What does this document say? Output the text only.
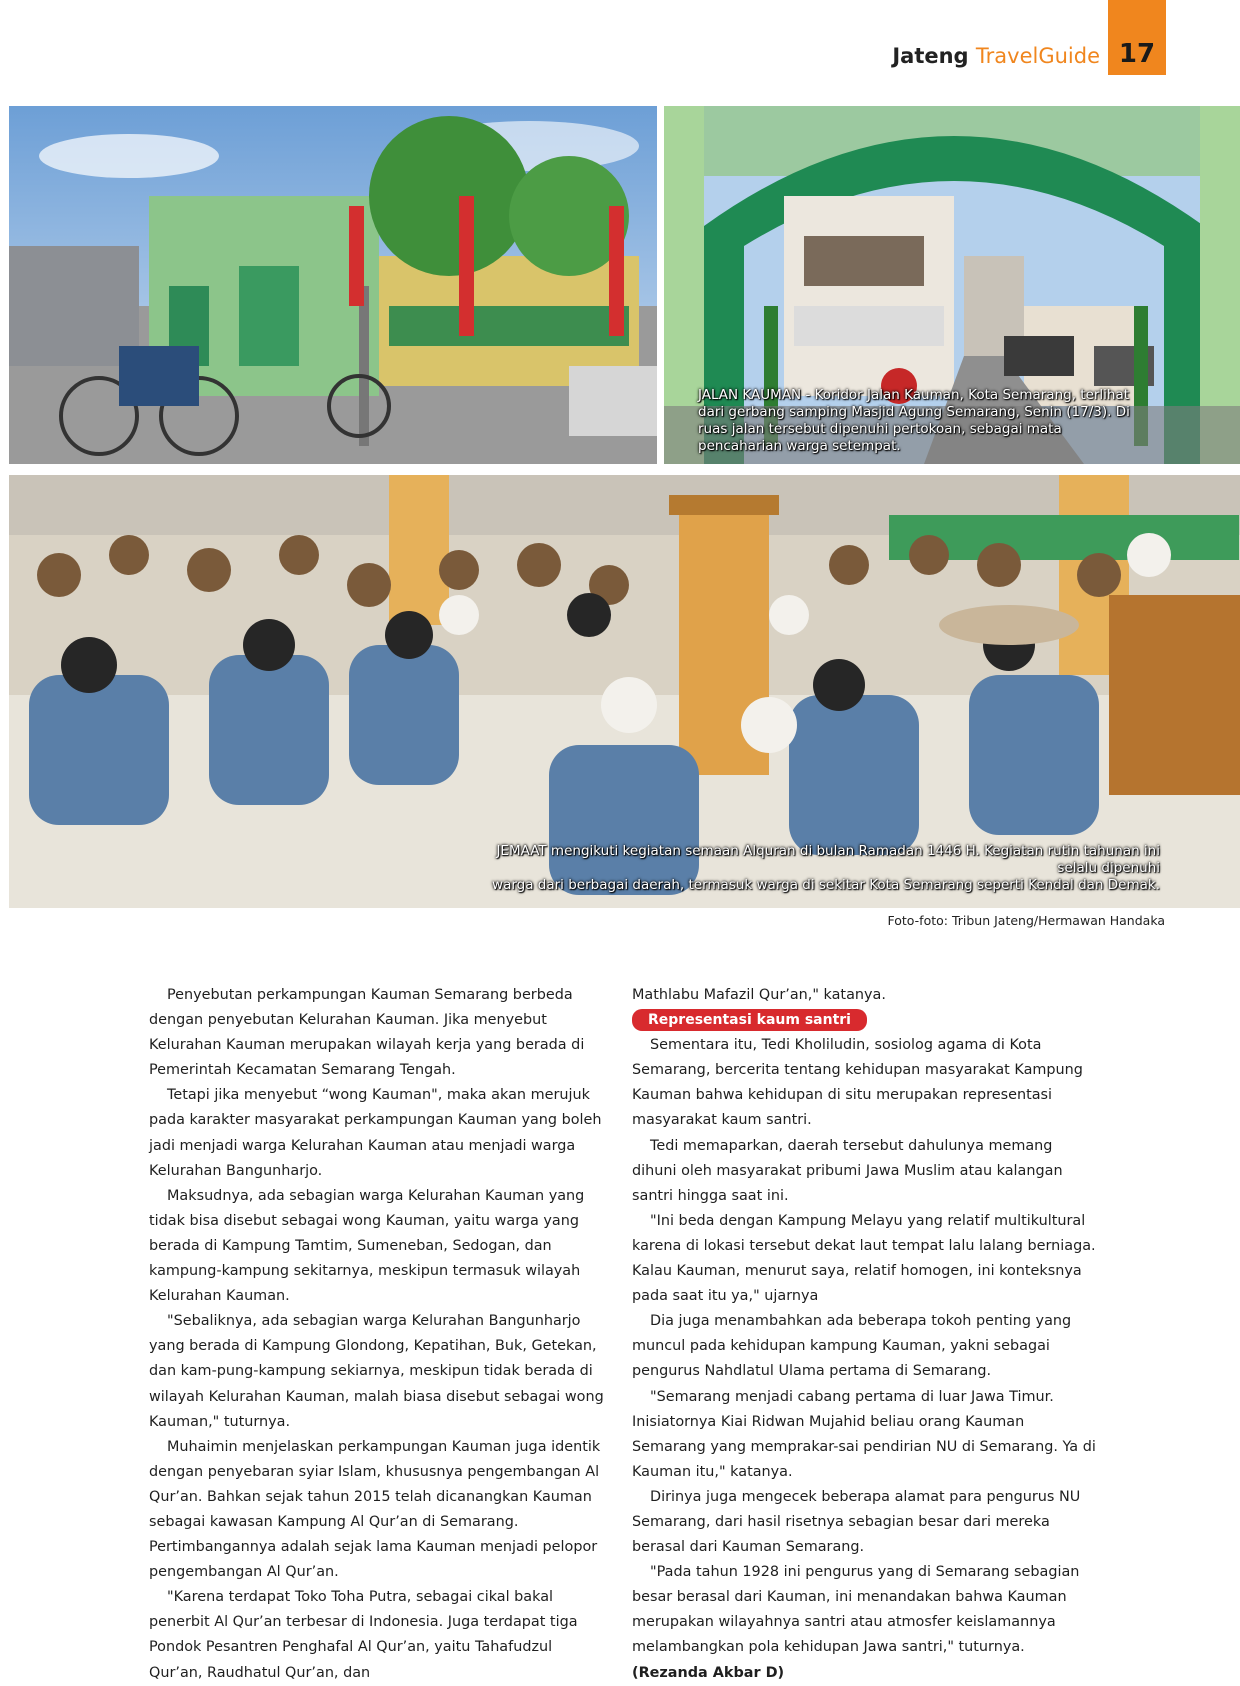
Jateng TravelGuide 17
JALAN KAUMAN - Koridor Jalan Kauman, Kota Semarang, terlihat dari gerbang samping Masjid Agung Semarang, Senin (17/3). Di ruas jalan tersebut dipenuhi pertokoan, sebagai mata pencaharian warga setempat.
JEMAAT mengikuti kegiatan semaan Alquran di bulan Ramadan 1446 H. Kegiatan rutin tahunan ini selalu dipenuhi
warga dari berbagai daerah, termasuk warga di sekitar Kota Semarang seperti Kendal dan Demak.
Foto-foto: Tribun Jateng/Hermawan Handaka

Penyebutan perkampungan Kauman Semarang berbeda dengan penyebutan Kelurahan Kauman. Jika menyebut Kelurahan Kauman merupakan wilayah kerja yang berada di Pemerintah Kecamatan Semarang Tengah.

Tetapi jika menyebut “wong Kauman", maka akan merujuk pada karakter masyarakat perkampungan Kauman yang boleh jadi menjadi warga Kelurahan Kauman atau menjadi warga Kelurahan Bangunharjo.

Maksudnya, ada sebagian warga Kelurahan Kauman yang tidak bisa disebut sebagai wong Kauman, yaitu warga yang berada di Kampung Tamtim, Sumeneban, Sedogan, dan kampung-kampung sekitarnya, meskipun termasuk wilayah Kelurahan Kauman.

"Sebaliknya, ada sebagian warga Kelurahan Bangunharjo yang berada di Kampung Glondong, Kepatihan, Buk, Getekan, dan kam-pung-kampung sekiarnya, meskipun tidak berada di wilayah Kelurahan Kauman, malah biasa disebut sebagai wong Kauman," tuturnya.

Muhaimin menjelaskan perkampungan Kauman juga identik dengan penyebaran syiar Islam, khususnya pengembangan Al Qur’an. Bahkan sejak tahun 2015 telah dicanangkan Kauman sebagai kawasan Kampung Al Qur’an di Semarang. Pertimbangannya adalah sejak lama Kauman menjadi pelopor pengembangan Al Qur’an.

"Karena terdapat Toko Toha Putra, sebagai cikal bakal penerbit Al Qur’an terbesar di Indonesia. Juga terdapat tiga Pondok Pesantren Penghafal Al Qur’an, yaitu Tahafudzul Qur’an, Raudhatul Qur’an, dan

Mathlabu Mafazil Qur’an," katanya.

Representasi kaum santri

Sementara itu, Tedi Kholiludin, sosiolog agama di Kota Semarang, bercerita tentang kehidupan masyarakat Kampung Kauman bahwa kehidupan di situ merupakan representasi masyarakat kaum santri.

Tedi memaparkan, daerah tersebut dahulunya memang dihuni oleh masyarakat pribumi Jawa Muslim atau kalangan santri hingga saat ini.

"Ini beda dengan Kampung Melayu yang relatif multikultural karena di lokasi tersebut dekat laut tempat lalu lalang berniaga. Kalau Kauman, menurut saya, relatif homogen, ini konteksnya pada saat itu ya," ujarnya

Dia juga menambahkan ada beberapa tokoh penting yang muncul pada kehidupan kampung Kauman, yakni sebagai pengurus Nahdlatul Ulama pertama di Semarang.

"Semarang menjadi cabang pertama di luar Jawa Timur. Inisiatornya Kiai Ridwan Mujahid beliau orang Kauman Semarang yang memprakar-sai pendirian NU di Semarang. Ya di Kauman itu," katanya.

Dirinya juga mengecek beberapa alamat para pengurus NU Semarang, dari hasil risetnya sebagian besar dari mereka berasal dari Kauman Semarang.

"Pada tahun 1928 ini pengurus yang di Semarang sebagian besar berasal dari Kauman, ini menandakan bahwa Kauman merupakan wilayahnya santri atau atmosfer keislamannya melambangkan pola kehidupan Jawa santri," tuturnya. (Rezanda Akbar D)
